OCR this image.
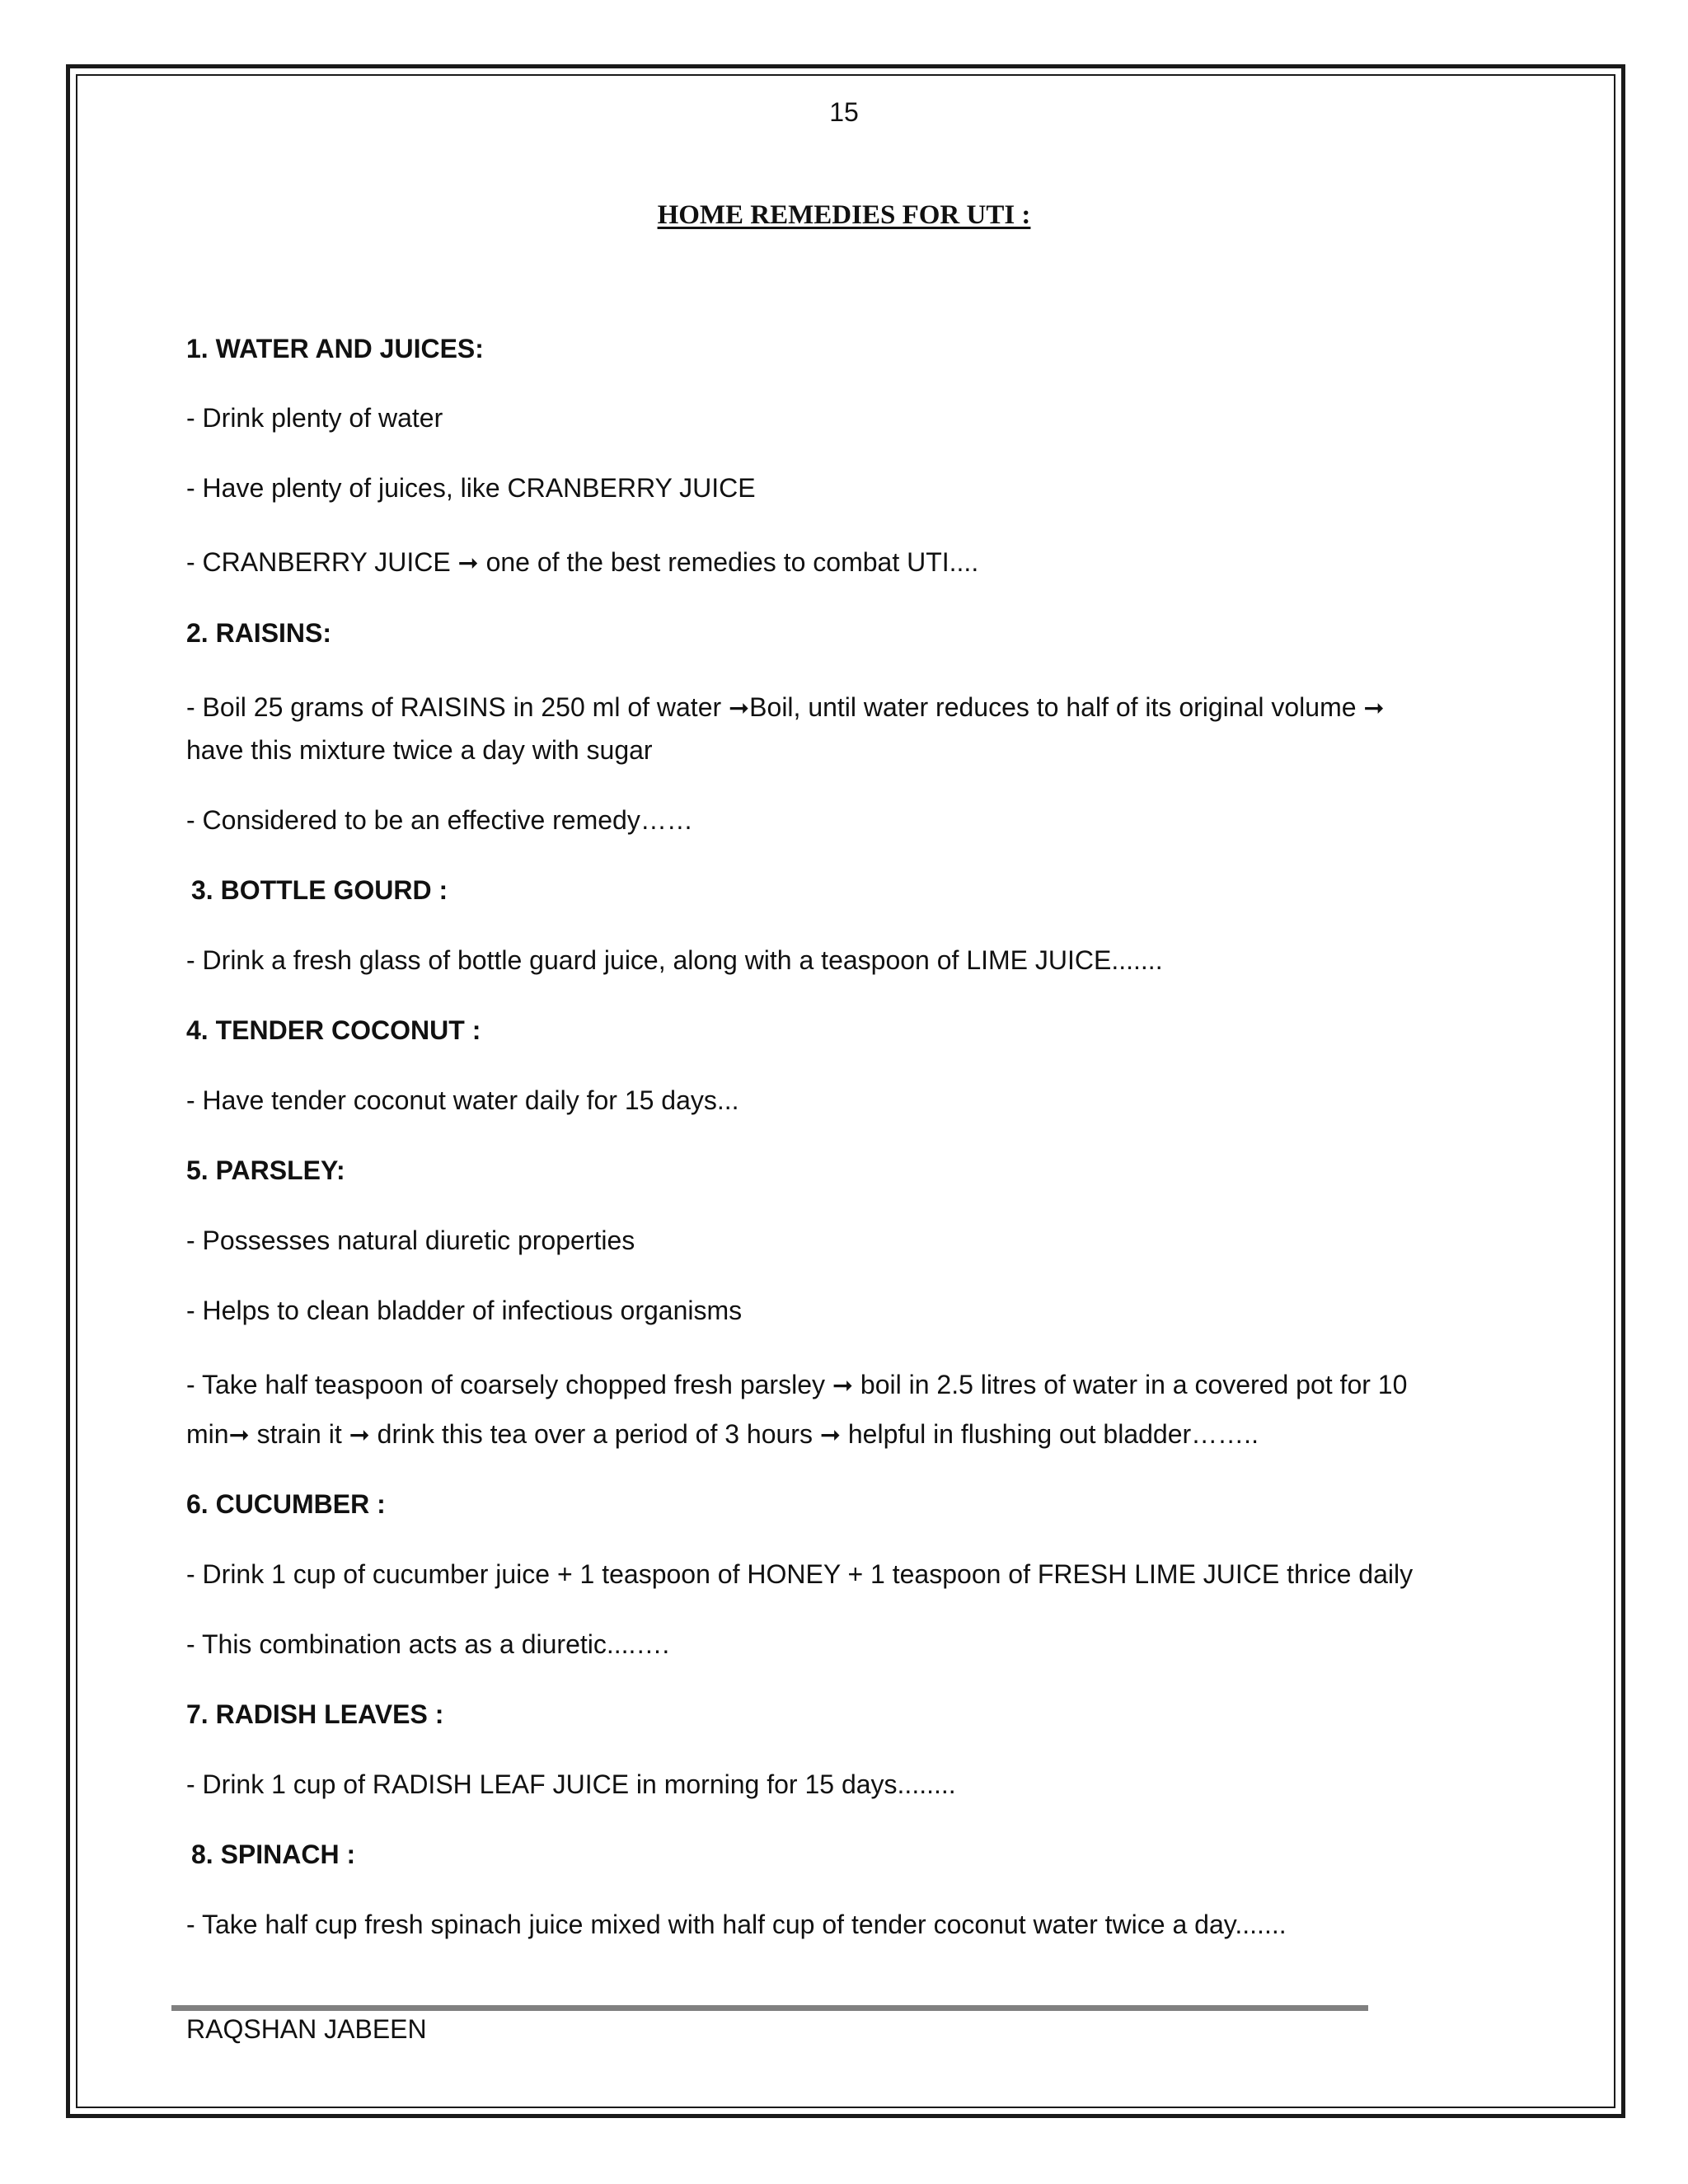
15
HOME REMEDIES FOR UTI :
1. WATER AND JUICES:
- Drink plenty of water
- Have plenty of juices, like CRANBERRY JUICE
- CRANBERRY JUICE ➞ one of the best remedies to combat UTI....
2. RAISINS:
- Boil 25 grams of RAISINS in 250 ml of water ➞Boil, until water reduces to half of its original volume ➞
have this mixture twice a day with sugar
- Considered to be an effective remedy……
3. BOTTLE GOURD :
- Drink a fresh glass of bottle guard juice, along with a teaspoon of LIME JUICE.......
4. TENDER COCONUT :
- Have tender coconut water daily for 15 days...
5. PARSLEY:
- Possesses natural diuretic properties
- Helps to clean bladder of infectious organisms
- Take half teaspoon of coarsely chopped fresh parsley ➞ boil in 2.5 litres of water in a covered pot for 10
min➞ strain it ➞ drink this tea over a period of 3 hours ➞ helpful in flushing out bladder……..
6. CUCUMBER :
- Drink 1 cup of cucumber juice + 1 teaspoon of HONEY + 1 teaspoon of FRESH LIME JUICE thrice daily
- This combination acts as a diuretic....….
7. RADISH LEAVES :
- Drink 1 cup of RADISH LEAF JUICE in morning for 15 days........
8. SPINACH :
- Take half cup fresh spinach juice mixed with half cup of tender coconut water twice a day.......
RAQSHAN JABEEN
